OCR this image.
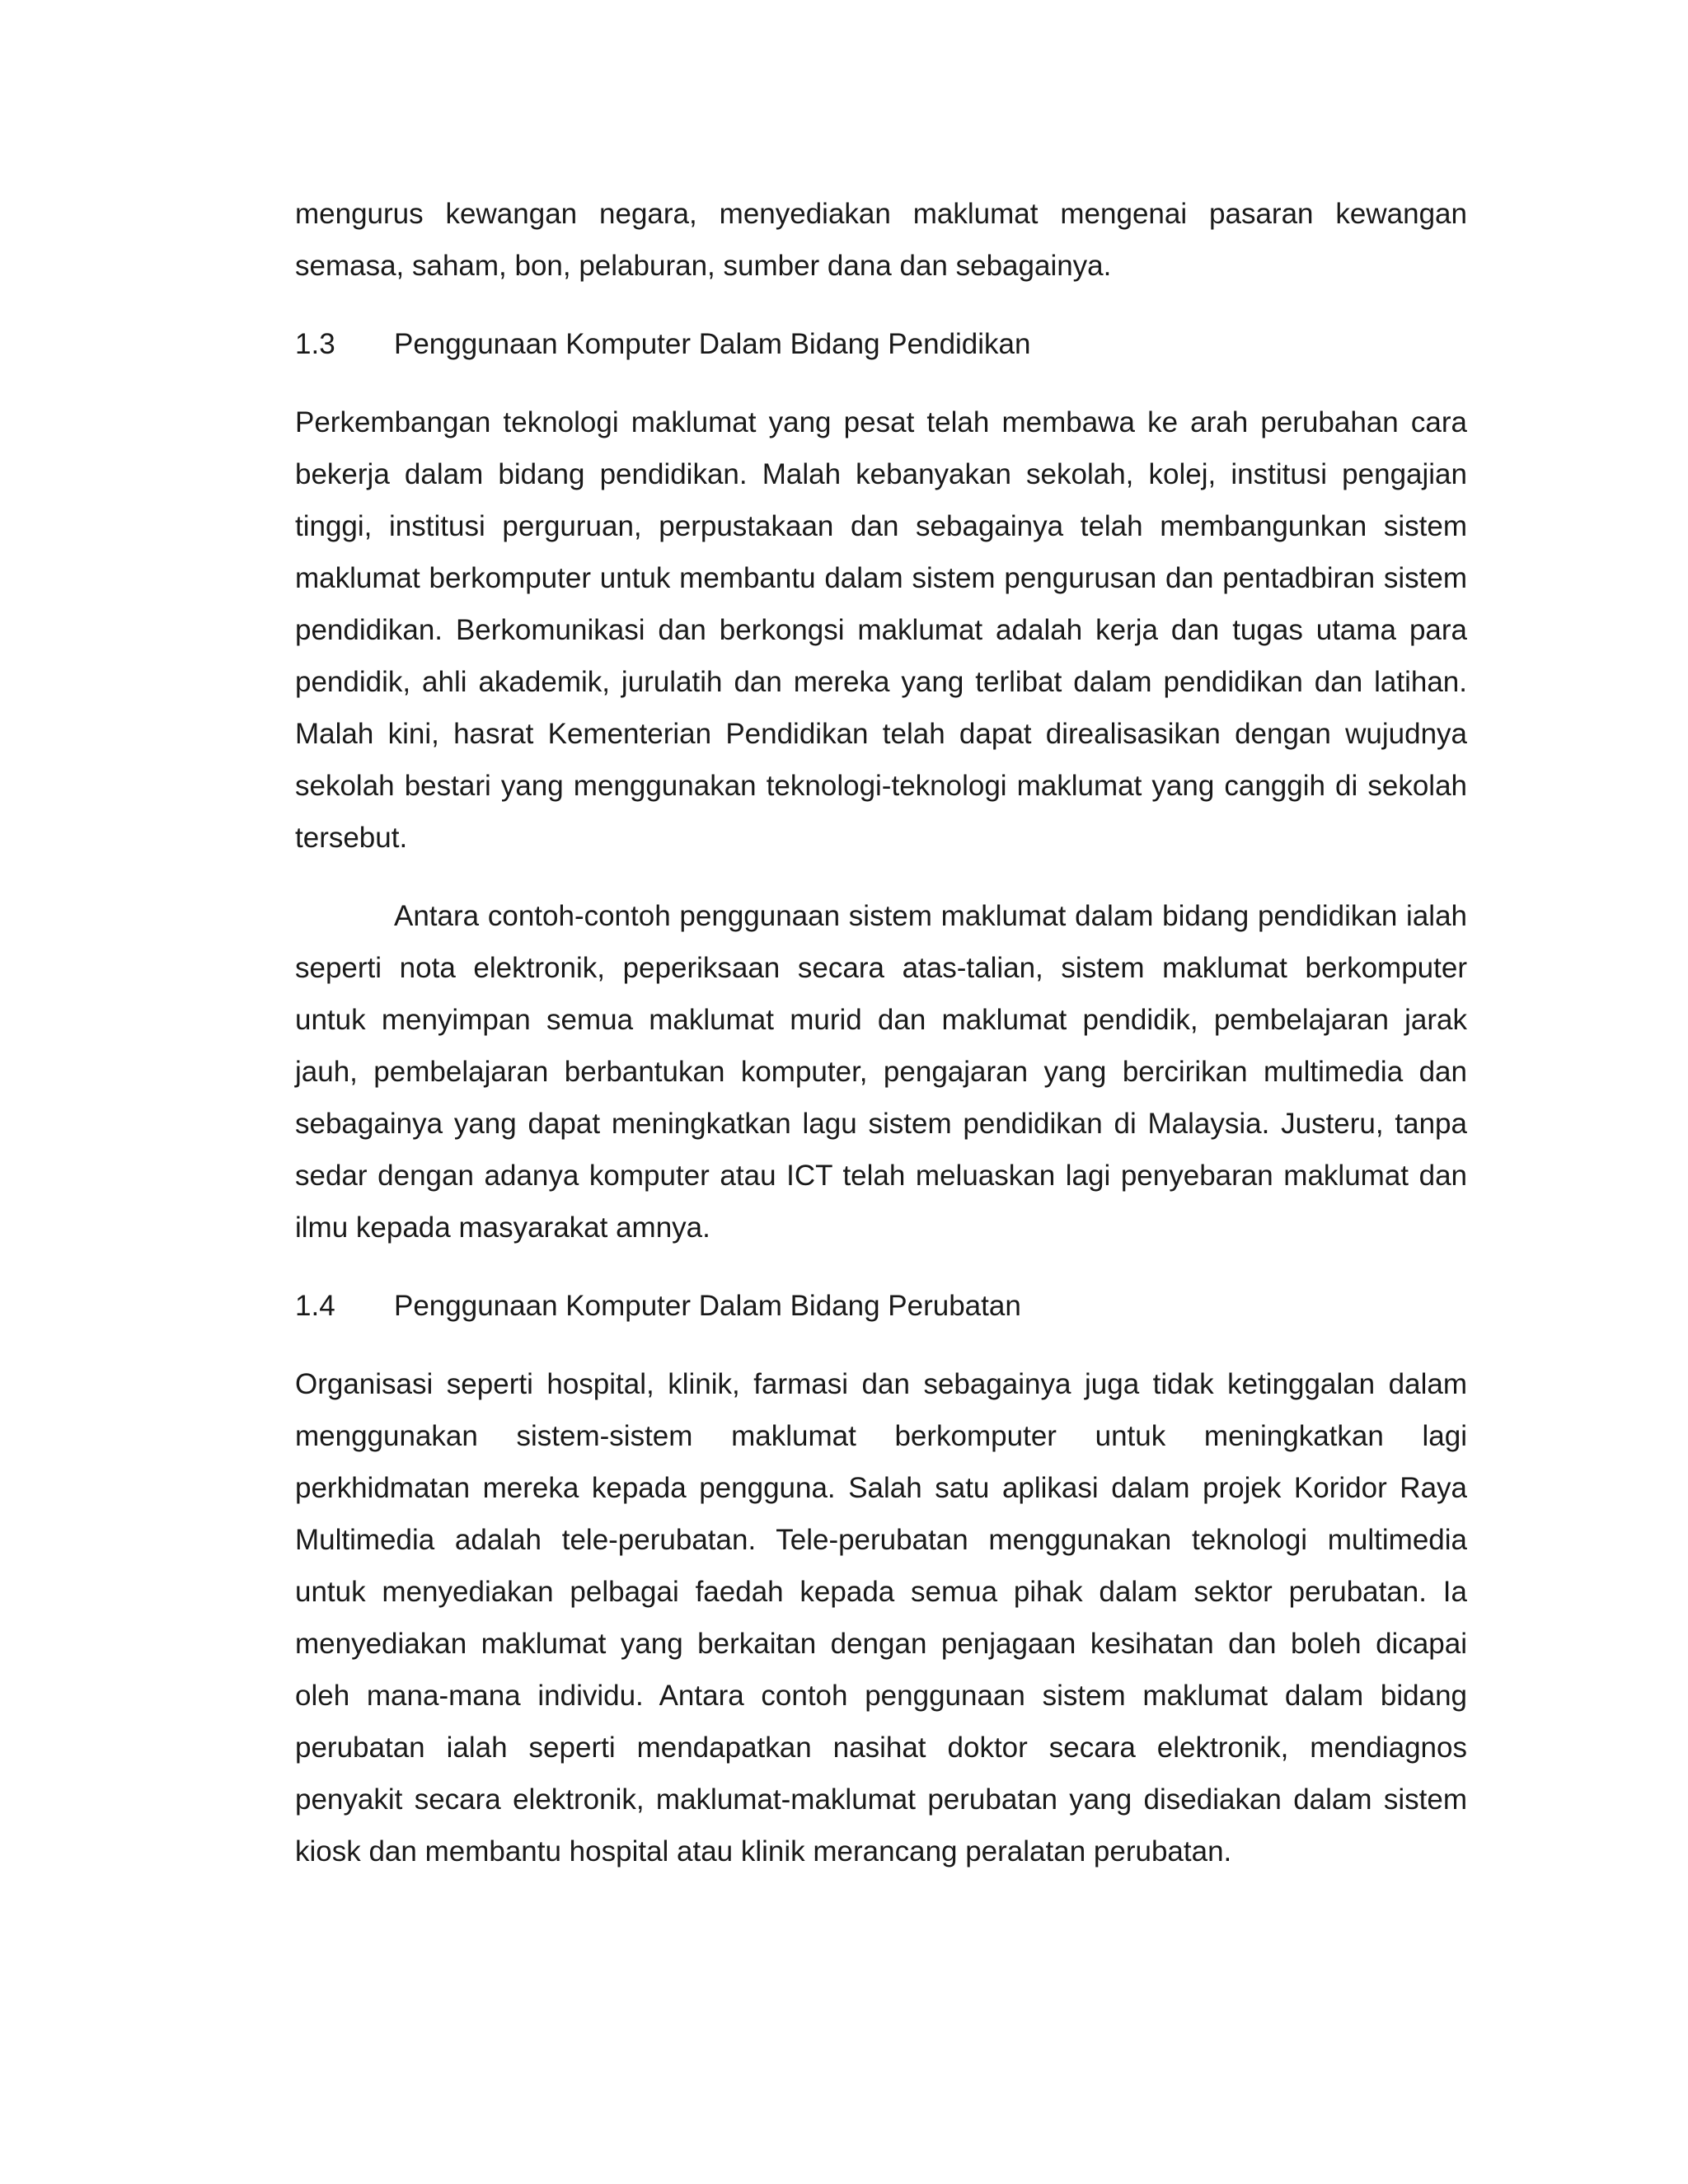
mengurus kewangan negara, menyediakan maklumat mengenai pasaran kewangan semasa, saham, bon, pelaburan, sumber dana dan sebagainya.

1.3	Penggunaan Komputer Dalam Bidang Pendidikan

Perkembangan teknologi maklumat yang pesat telah membawa ke arah perubahan cara bekerja dalam bidang pendidikan. Malah kebanyakan sekolah, kolej, institusi pengajian tinggi, institusi perguruan, perpustakaan dan sebagainya telah membangunkan sistem maklumat berkomputer untuk membantu dalam sistem pengurusan dan pentadbiran sistem pendidikan. Berkomunikasi dan berkongsi maklumat adalah kerja dan tugas utama para pendidik, ahli akademik, jurulatih dan mereka yang terlibat dalam pendidikan dan latihan. Malah kini, hasrat Kementerian Pendidikan telah dapat direalisasikan dengan wujudnya sekolah bestari yang menggunakan teknologi-teknologi maklumat yang canggih di sekolah tersebut.

Antara contoh-contoh penggunaan sistem maklumat dalam bidang pendidikan ialah seperti nota elektronik, peperiksaan secara atas-talian, sistem maklumat berkomputer untuk menyimpan semua maklumat murid dan maklumat pendidik, pembelajaran jarak jauh, pembelajaran berbantukan komputer, pengajaran yang bercirikan multimedia dan sebagainya yang dapat meningkatkan lagu sistem pendidikan di Malaysia. Justeru, tanpa sedar dengan adanya komputer atau ICT telah meluaskan lagi penyebaran maklumat dan ilmu kepada masyarakat amnya.

1.4	Penggunaan Komputer Dalam Bidang Perubatan

Organisasi seperti hospital, klinik, farmasi dan sebagainya juga tidak ketinggalan dalam menggunakan sistem-sistem maklumat berkomputer untuk meningkatkan lagi perkhidmatan mereka kepada pengguna. Salah satu aplikasi dalam projek Koridor Raya Multimedia adalah tele-perubatan. Tele-perubatan menggunakan teknologi multimedia untuk menyediakan pelbagai faedah kepada semua pihak dalam sektor perubatan. Ia menyediakan maklumat yang berkaitan dengan penjagaan kesihatan dan boleh dicapai oleh mana-mana individu. Antara contoh penggunaan sistem maklumat dalam bidang perubatan ialah seperti mendapatkan nasihat doktor secara elektronik, mendiagnos penyakit secara elektronik, maklumat-maklumat perubatan yang disediakan dalam sistem kiosk dan membantu hospital atau klinik merancang peralatan perubatan.
